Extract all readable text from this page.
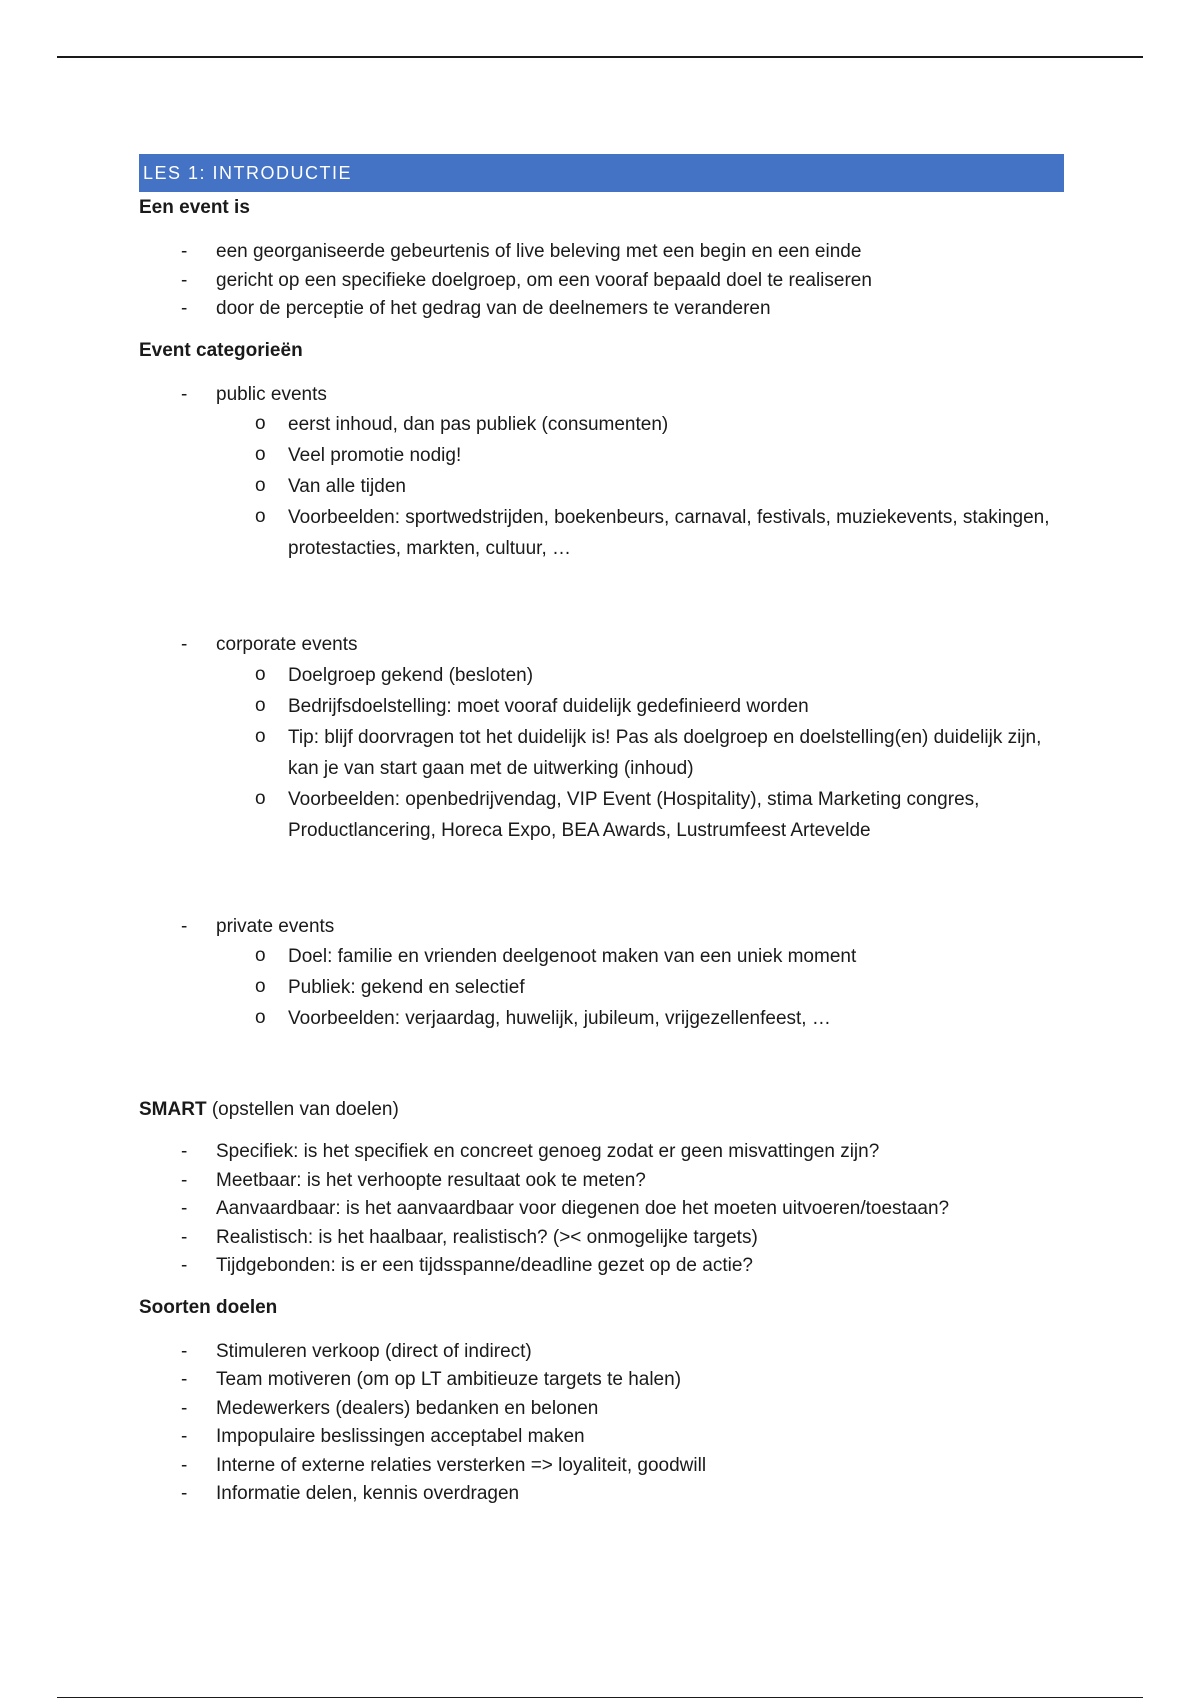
LES 1: INTRODUCTIE

Een event is

- een georganiseerde gebeurtenis of live beleving met een begin en een einde
- gericht op een specifieke doelgroep, om een vooraf bepaald doel te realiseren
- door de perceptie of het gedrag van de deelnemers te veranderen

Event categorieën

- public events
o eerst inhoud, dan pas publiek (consumenten)
o Veel promotie nodig!
o Van alle tijden
o Voorbeelden: sportwedstrijden, boekenbeurs, carnaval, festivals, muziekevents, stakingen, protestacties, markten, cultuur, …
- corporate events
o Doelgroep gekend (besloten)
o Bedrijfsdoelstelling: moet vooraf duidelijk gedefinieerd worden
o Tip: blijf doorvragen tot het duidelijk is! Pas als doelgroep en doelstelling(en) duidelijk zijn, kan je van start gaan met de uitwerking (inhoud)
o Voorbeelden: openbedrijvendag, VIP Event (Hospitality), stima Marketing congres, Productlancering, Horeca Expo, BEA Awards, Lustrumfeest Artevelde
- private events
o Doel: familie en vrienden deelgenoot maken van een uniek moment
o Publiek: gekend en selectief
o Voorbeelden: verjaardag, huwelijk, jubileum, vrijgezellenfeest, …

SMART (opstellen van doelen)

- Specifiek: is het specifiek en concreet genoeg zodat er geen misvattingen zijn?
- Meetbaar: is het verhoopte resultaat ook te meten?
- Aanvaardbaar: is het aanvaardbaar voor diegenen doe het moeten uitvoeren/toestaan?
- Realistisch: is het haalbaar, realistisch? (>< onmogelijke targets)
- Tijdgebonden: is er een tijdsspanne/deadline gezet op de actie?

Soorten doelen

- Stimuleren verkoop (direct of indirect)
- Team motiveren (om op LT ambitieuze targets te halen)
- Medewerkers (dealers) bedanken en belonen
- Impopulaire beslissingen acceptabel maken
- Interne of externe relaties versterken => loyaliteit, goodwill
- Informatie delen, kennis overdragen
